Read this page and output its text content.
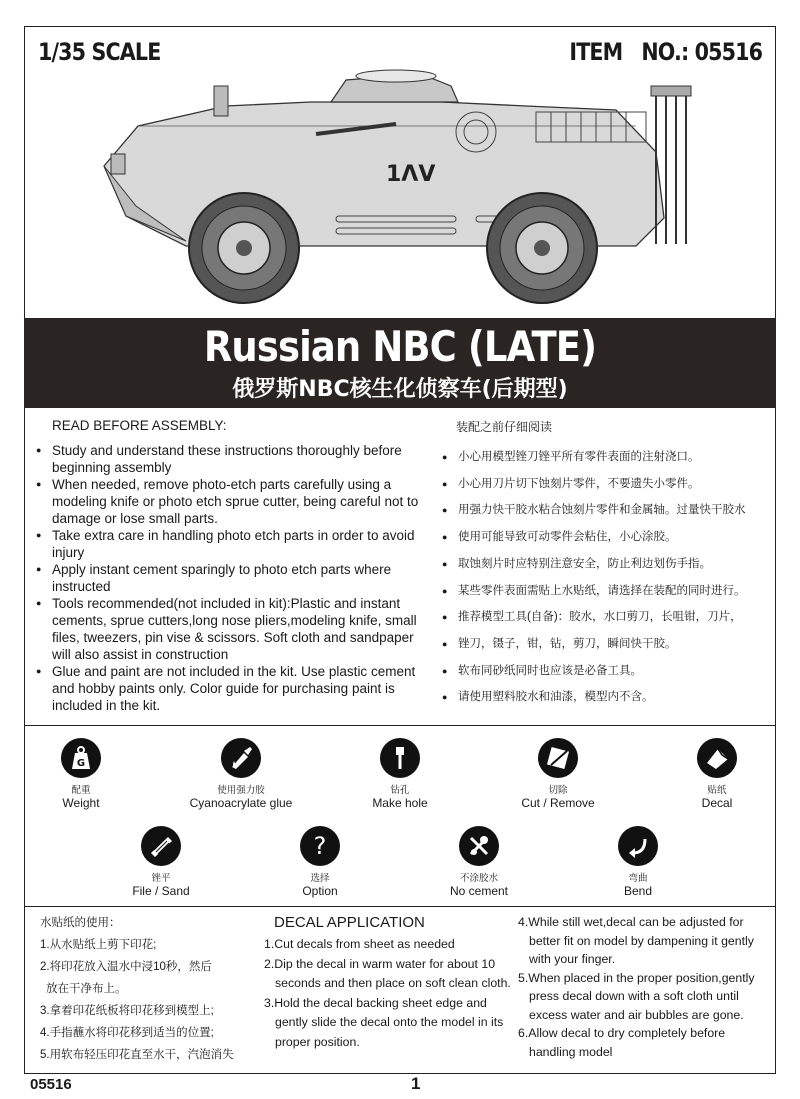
1/35 SCALE	ITEM   NO.: 05516
1ΛV
Russian NBC (LATE)
俄罗斯NBC核生化侦察车(后期型)
READ BEFORE ASSEMBLY:
● Study and understand these instructions thoroughly before beginning assembly
● When needed, remove photo-etch parts carefully using a modeling knife or photo etch sprue cutter, being careful not to damage or lose small parts.
● Take extra care in handling photo etch parts in order to avoid injury
● Apply instant cement sparingly to photo etch parts where instructed
● Tools recommended(not included in kit):Plastic and instant cements, sprue cutters,long nose pliers,modeling knife, small files, tweezers, pin vise & scissors. Soft cloth and sandpaper will also assist in construction
● Glue and paint are not included in the kit. Use plastic cement and hobby paints only. Color guide for purchasing paint is included in the kit.
装配之前仔细阅读
● 小心用模型锉刀锉平所有零件表面的注射浇口。
● 小心用刀片切下蚀刻片零件，不要遗失小零件。
● 用强力快干胶水粘合蚀刻片零件和金属轴。过量快干胶水
● 使用可能导致可动零件会粘住，小心涂胶。
● 取蚀刻片时应特别注意安全，防止利边划伤手指。
● 某些零件表面需贴上水贴纸，请选择在装配的同时进行。
● 推荐模型工具(自备)：胶水，水口剪刀，长咀钳，刀片，
● 锉刀，镊子，钳，钻，剪刀，瞬间快干胶。
● 软布同砂纸同时也应该是必备工具。
● 请使用塑料胶水和油漆，模型内不含。
G
配重
Weight
使用强力胶
Cyanoacrylate glue
钻孔
Make hole
切除
Cut / Remove
贴纸
Decal
锉平
File / Sand
?
选择
Option
不涂胶水
No cement
弯曲
Bend
水贴纸的使用：
1.从水贴纸上剪下印花;
2.将印花放入温水中浸10秒，然后
放在干净布上。
3.拿着印花纸板将印花移到模型上;
4.手指蘸水将印花移到适当的位置;
5.用软布轻压印花直至水干，汽泡消失
DECAL APPLICATION
1.Cut decals from sheet as needed
2.Dip the decal in warm water for about 10 seconds and then place on soft clean cloth.
3.Hold the decal backing sheet edge and gently slide the decal onto the model in its proper position.
4.While still wet,decal can be adjusted for better fit on model by dampening it gently with your finger.
5.When placed in the proper position,gently press decal down with a soft cloth until excess water and air bubbles are gone.
6.Allow decal to dry completely before handling model
05516	1
